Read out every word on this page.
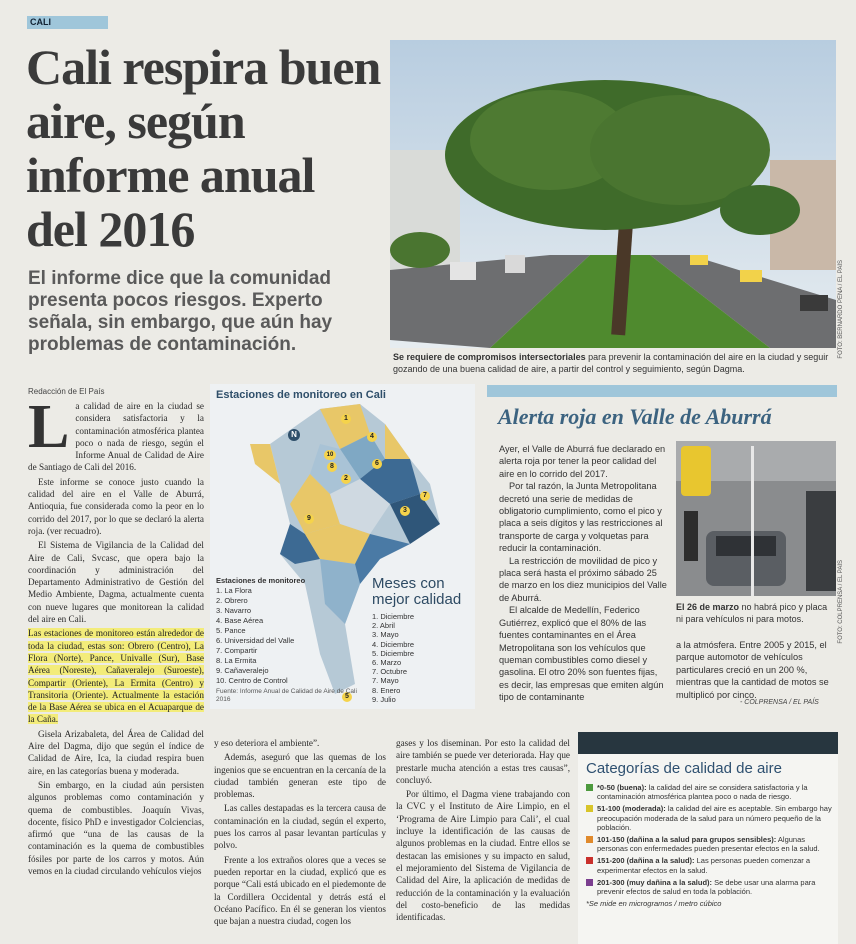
CALI
Cali respira buen aire, según informe anual del 2016
El informe dice que la comunidad presenta pocos riesgos. Experto señala, sin embargo, que aún hay problemas de contaminación.	FOTO: BERNARDO PEÑA / EL PAÍS
Se requiere de compromisos intersectoriales para prevenir la contaminación del aire en la ciudad y seguir gozando de una buena calidad de aire, a partir del control y seguimiento, según Dagma.
Redacción de El País

La calidad de aire en la ciudad se considera satisfactoria y la contaminación atmosférica plantea poco o nada de riesgo, según el Informe Anual de Calidad de Aire de Santiago de Cali del 2016.

Este informe se conoce justo cuando la calidad del aire en el Valle de Aburrá, Antioquia, fue considerada como la peor en lo corrido del 2017, por lo que se declaró la alerta roja. (ver recuadro).

El Sistema de Vigilancia de la Calidad del Aire de Cali, Svcasc, que opera bajo la coordinación y administración del Departamento Administrativo de Gestión del Medio Ambiente, Dagma, actualmente cuenta con nueve lugares que monitorean la calidad del aire en Cali.

Las estaciones de monitoreo están alrededor de toda la ciudad, estas son: Obrero (Centro), La Flora (Norte), Pance, Univalle (Sur), Base Aérea (Noreste), Cañaveralejo (Suroeste), Compartir (Oriente), La Ermita (Centro) y Transitoria (Oriente). Actualmente la estación de la Base Aérea se ubica en el Acuaparque de la Caña.

Gisela Arizabaleta, del Área de Calidad del Aire del Dagma, dijo que según el índice de Calidad de Aire, Ica, la ciudad respira buen aire, en las categorías buena y moderada.

Sin embargo, en la ciudad aún persisten algunos problemas como contaminación y quema de combustibles. Joaquín Vivas, docente, físico PhD e investigador Colciencias, afirmó que “una de las causas de la contaminación es la quema de combustibles fósiles por parte de los carros y motos. Aún vemos en la ciudad circulando vehículos viejos

N
1
2
3
4
5
6
7
8
9
10
Estaciones de monitoreo en Cali
Estaciones de monitoreo
1. La Flora
2. Obrero
3. Navarro
4. Base Aérea
5. Pance
6. Universidad del Valle
7. Compartir
8. La Ermita
9. Cañaveralejo
10. Centro de Control
Meses con mejor calidad
1. Diciembre
2. Abril
3. Mayo
4. Diciembre
5. Diciembre
6. Marzo
7. Octubre
7. Mayo
8. Enero
9. Julio
Fuente: Informe Anual de Calidad de Aire de Cali 2016

y eso deteriora el ambiente”.

Además, aseguró que las quemas de los ingenios que se encuentran en la cercanía de la ciudad también generan este tipo de problemas.

Las calles destapadas es la tercera causa de contaminación en la ciudad, según el experto, pues los carros al pasar levantan partículas y polvo.

Frente a los extraños olores que a veces se pueden reportar en la ciudad, explicó que es porque “Cali está ubicado en el piedemonte de la Cordillera Occidental y detrás está el Océano Pacífico. En él se generan los vientos que bajan a nuestra ciudad, cogen los

gases y los diseminan. Por esto la calidad del aire también se puede ver deteriorada. Hay que prestarle mucha atención a estas tres causas”, concluyó.

Por último, el Dagma viene trabajando con la CVC y el Instituto de Aire Limpio, en el ‘Programa de Aire Limpio para Cali’, el cual incluye la identificación de las causas de algunos problemas en la ciudad. Entre ellos se destacan las emisiones y su impacto en salud, el mejoramiento del Sistema de Vigilancia de Calidad del Aire, la aplicación de medidas de reducción de la contaminación y la evaluación del costo-beneficio de las medidas identificadas.

Alerta roja en Valle de Aburrá

Ayer, el Valle de Aburrá fue declarado en alerta roja por tener la peor calidad del aire en lo corrido del 2017.

Por tal razón, la Junta Metropolitana decretó una serie de medidas de obligatorio cumplimiento, como el pico y placa a seis dígitos y las restricciones al transporte de carga y volquetas para reducir la contaminación.

La restricción de movilidad de pico y placa será hasta el próximo sábado 25 de marzo en los diez municipios del Valle de Aburrá.

El alcalde de Medellín, Federico Gutiérrez, explicó que el 80% de las fuentes contaminantes en el Área Metropolitana son los vehículos que queman combustibles como diesel y gasolina. El otro 20% son fuentes fijas, es decir, las empresas que emiten algún tipo de contaminante

FOTO: COLPRENSA / EL PAÍS
El 26 de marzo no habrá pico y placa ni para vehículos ni para motos.

a la atmósfera. Entre 2005 y 2015, el parque automotor de vehículos particulares creció en un 200 %, mientras que la cantidad de motos se multiplicó por cinco.

- COLPRENSA / EL PAÍS
Categorías de calidad de aire
*0-50 (buena): la calidad del aire se considera satisfactoria y la contaminación atmosférica plantea poco o nada de riesgo.
51-100 (moderada): la calidad del aire es aceptable. Sin embargo hay preocupación moderada de la salud para un número pequeño de la población.
101-150 (dañina a la salud para grupos sensibles): Algunas personas con enfermedades pueden presentar efectos en la salud.
151-200 (dañina a la salud): Las personas pueden comenzar a experimentar efectos en la salud.
201-300 (muy dañina a la salud): Se debe usar una alarma para prevenir efectos de salud en toda la población.
*Se mide en microgramos / metro cúbico
